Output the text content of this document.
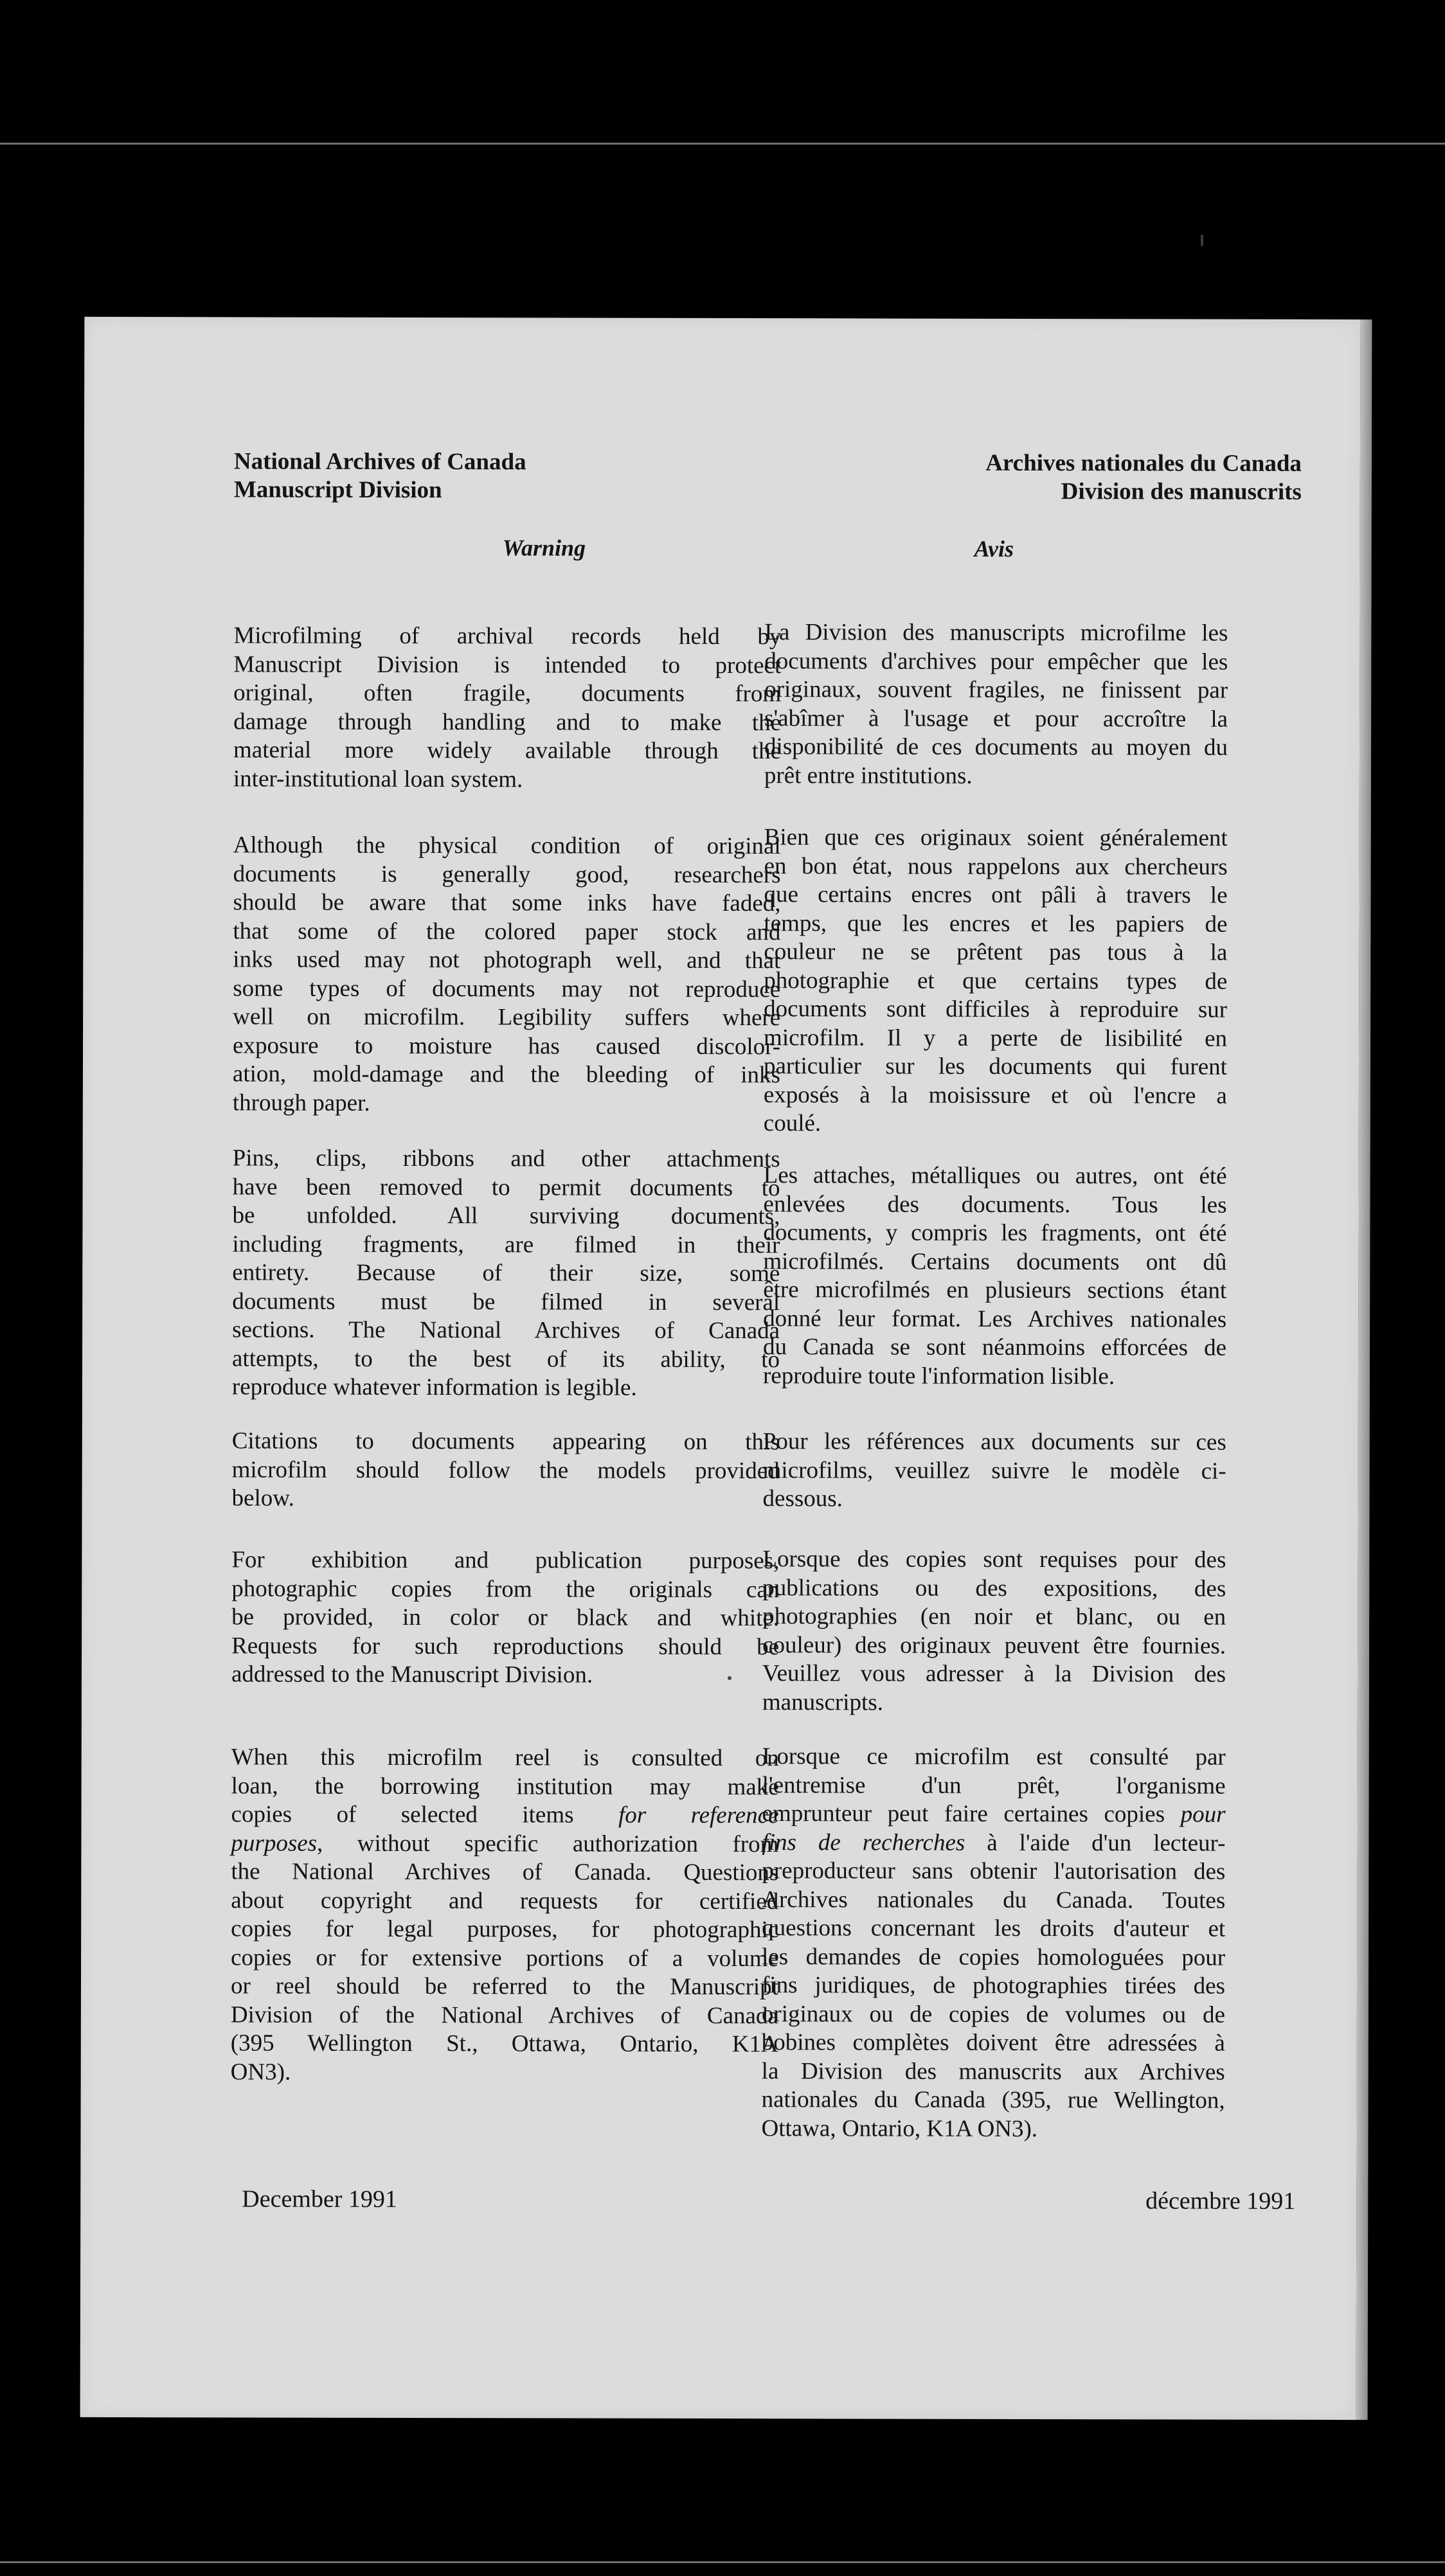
National Archives of Canada
Manuscript Division
Warning
Microfilming of archival records held by
Manuscript Division is intended to protect
original, often fragile, documents from
damage through handling and to make the
material more widely available through the
inter-institutional loan system.
Although the physical condition of original
documents is generally good, researchers
should be aware that some inks have faded,
that some of the colored paper stock and
inks used may not photograph well, and that
some types of documents may not reproduce
well on microfilm. Legibility suffers where
exposure to moisture has caused discolor-
ation, mold-damage and the bleeding of inks
through paper.
Pins, clips, ribbons and other attachments
have been removed to permit documents to
be unfolded. All surviving documents,
including fragments, are filmed in their
entirety. Because of their size, some
documents must be filmed in several
sections. The National Archives of Canada
attempts, to the best of its ability, to
reproduce whatever information is legible.
Citations to documents appearing on this
microfilm should follow the models provided
below.
For exhibition and publication purposes,
photographic copies from the originals can
be provided, in color or black and white.
Requests for such reproductions should be
addressed to the Manuscript Division.
When this microfilm reel is consulted on
loan, the borrowing institution may make
copies of selected items for reference
purposes, without specific authorization from
the National Archives of Canada. Questions
about copyright and requests for certified
copies for legal purposes, for photographic
copies or for extensive portions of a volume
or reel should be referred to the Manuscript
Division of the National Archives of Canada
(395 Wellington St., Ottawa, Ontario, K1A
ON3).
December 1991
Archives nationales du Canada
Division des manuscrits
Avis
La Division des manuscripts microfilme les
documents d'archives pour empêcher que les
originaux, souvent fragiles, ne finissent par
s'abîmer à l'usage et pour accroître la
disponibilité de ces documents au moyen du
prêt entre institutions.
Bien que ces originaux soient généralement
en bon état, nous rappelons aux chercheurs
que certains encres ont pâli à travers le
temps, que les encres et les papiers de
couleur ne se prêtent pas tous à la
photographie et que certains types de
documents sont difficiles à reproduire sur
microfilm. Il y a perte de lisibilité en
particulier sur les documents qui furent
exposés à la moisissure et où l'encre a
coulé.
Les attaches, métalliques ou autres, ont été
enlevées des documents. Tous les
documents, y compris les fragments, ont été
microfilmés. Certains documents ont dû
être microfilmés en plusieurs sections étant
donné leur format. Les Archives nationales
du Canada se sont néanmoins efforcées de
reproduire toute l'information lisible.
Pour les références aux documents sur ces
microfilms, veuillez suivre le modèle ci-
dessous.
Lorsque des copies sont requises pour des
publications ou des expositions, des
photographies (en noir et blanc, ou en
couleur) des originaux peuvent être fournies.
Veuillez vous adresser à la Division des
manuscripts.
Lorsque ce microfilm est consulté par
l'entremise d'un prêt, l'organisme
emprunteur peut faire certaines copies pour
fins de recherches à l'aide d'un lecteur-
preproducteur sans obtenir l'autorisation des
Archives nationales du Canada. Toutes
questions concernant les droits d'auteur et
les demandes de copies homologuées pour
fins juridiques, de photographies tirées des
originaux ou de copies de volumes ou de
bobines complètes doivent être adressées à
la Division des manuscrits aux Archives
nationales du Canada (395, rue Wellington,
Ottawa, Ontario, K1A ON3).
décembre 1991
